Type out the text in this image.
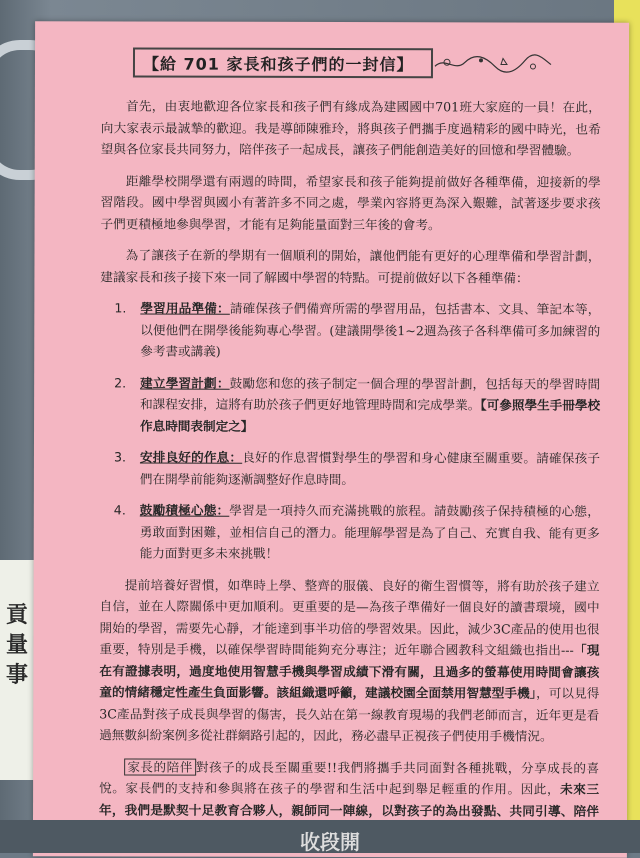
貢量事
【給 701 家長和孩子們的一封信】

首先，由衷地歡迎各位家長和孩子們有緣成為建國國中701班大家庭的一員！在此，向大家表示最誠摯的歡迎。我是導師陳雅玲，將與孩子們攜手度過精彩的國中時光，也希望與各位家長共同努力，陪伴孩子一起成長，讓孩子們能創造美好的回憶和學習體驗。

距離學校開學還有兩週的時間，希望家長和孩子能夠提前做好各種準備，迎接新的學習階段。國中學習與國小有著許多不同之處，學業內容將更為深入艱難，試著逐步要求孩子們更積極地參與學習，才能有足夠能量面對三年後的會考。

為了讓孩子在新的學期有一個順利的開始，讓他們能有更好的心理準備和學習計劃，建議家長和孩子接下來一同了解國中學習的特點。可提前做好以下各種準備：

1. 學習用品準備：請確保孩子們備齊所需的學習用品，包括書本、文具、筆記本等，以便他們在開學後能夠專心學習。(建議開學後1~2週為孩子各科準備可多加練習的參考書或講義)
2. 建立學習計劃：鼓勵您和您的孩子制定一個合理的學習計劃，包括每天的學習時間和課程安排，這將有助於孩子們更好地管理時間和完成學業。【可參照學生手冊學校作息時間表制定之】
3. 安排良好的作息：良好的作息習慣對學生的學習和身心健康至關重要。請確保孩子們在開學前能夠逐漸調整好作息時間。
4. 鼓勵積極心態：學習是一項持久而充滿挑戰的旅程。請鼓勵孩子保持積極的心態，勇敢面對困難，並相信自己的潛力。能理解學習是為了自己、充實自我、能有更多能力面對更多未來挑戰！

提前培養好習慣，如準時上學、整齊的服儀、良好的衛生習慣等，將有助於孩子建立自信，並在人際關係中更加順利。更重要的是—為孩子準備好一個良好的讀書環境，國中開始的學習，需要先心靜，才能達到事半功倍的學習效果。因此，減少3C產品的使用也很重要，特別是手機，以確保學習時間能夠充分專注；近年聯合國教科文組織也指出---「現在有證據表明，過度地使用智慧手機與學習成績下滑有關，且過多的螢幕使用時間會讓孩童的情緒穩定性產生負面影響。該組織還呼籲，建議校園全面禁用智慧型手機」，可以見得3C產品對孩子成長與學習的傷害，長久站在第一線教育現場的我們老師而言，近年更是看過無數糾紛案例多從社群網路引起的，因此，務必盡早正視孩子們使用手機情況。

家長的陪伴 對孩子的成長至關重要!!我們將攜手共同面對各種挑戰，分享成長的喜悅。家長們的支持和參與將在孩子的學習和生活中起到舉足輕重的作用。因此，未來三年，我們是默契十足教育合夥人，親師同一陣線，以對孩子的為出發點、共同引導、陪伴孩子成長茁壯。我們的親師默契如下：

收段開
